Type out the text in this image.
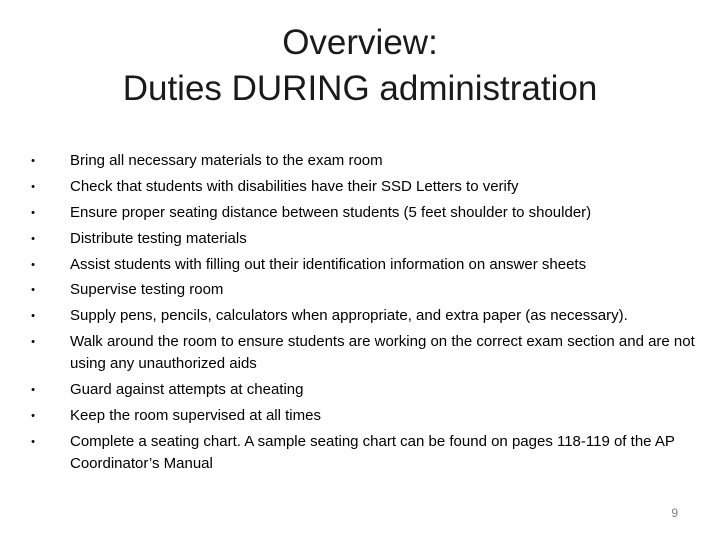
Overview:
Duties DURING administration
• Bring all necessary materials to the exam room
• Check that students with disabilities have their SSD Letters to verify
• Ensure proper seating distance between students (5 feet shoulder to shoulder)
• Distribute testing materials
• Assist students with filling out their identification information on answer sheets
• Supervise testing room
• Supply pens, pencils, calculators when appropriate, and extra paper (as necessary).
• Walk around the room to ensure students are working on the correct exam section and are not using any unauthorized aids
• Guard against attempts at cheating
• Keep the room supervised at all times
• Complete a seating chart. A sample seating chart can be found on pages 118-119 of the AP Coordinator’s Manual
9
